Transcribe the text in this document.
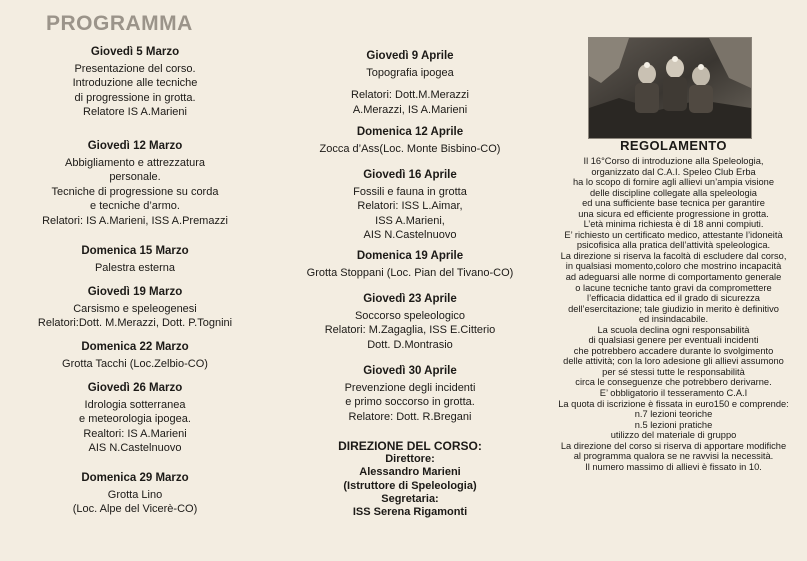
PROGRAMMA
Giovedì 5 Marzo
Presentazione del corso.
Introduzione alle tecniche
di progressione in grotta.
Relatore IS A.Marieni
Giovedì 12 Marzo
Abbigliamento e attrezzatura
personale.
Tecniche di progressione su corda
e tecniche d’armo.
Relatori: IS A.Marieni, ISS A.Premazzi
Domenica 15 Marzo
Palestra esterna
Giovedì 19 Marzo
Carsismo e speleogenesi
Relatori:Dott. M.Merazzi, Dott. P.Tognini
Domenica 22 Marzo
Grotta Tacchi (Loc.Zelbio-CO)
Giovedì 26 Marzo
Idrologia sotterranea
e meteorologia ipogea.
Realtori: IS A.Marieni
AIS N.Castelnuovo
Domenica 29 Marzo
Grotta Lino
(Loc. Alpe del Vicerè-CO)
Giovedì 9 Aprile
Topografia ipogea
Relatori: Dott.M.Merazzi
A.Merazzi, IS A.Marieni
Domenica 12 Aprile
Zocca d’Ass(Loc. Monte Bisbino-CO)
Giovedì 16 Aprile
Fossili e fauna in grotta
Relatori: ISS L.Aimar,
ISS A.Marieni,
AIS N.Castelnuovo
Domenica 19 Aprile
Grotta Stoppani (Loc. Pian del Tivano-CO)
Giovedì 23 Aprile
Soccorso speleologico
Relatori: M.Zagaglia, ISS E.Citterio
Dott. D.Montrasio
Giovedì 30 Aprile
Prevenzione degli incidenti
e primo soccorso in grotta.
Relatore: Dott. R.Bregani
DIREZIONE DEL CORSO:
Direttore:
Alessandro Marieni
(Istruttore di Speleologia)
Segretaria:
ISS Serena Rigamonti
REGOLAMENTO
Il 16°Corso di introduzione alla Speleologia,
organizzato dal C.A.I. Speleo Club Erba
ha lo scopo di fornire agli allievi un’ampia visione
delle discipline collegate alla speleologia
ed una sufficiente base tecnica per garantire
una sicura ed efficiente progressione in grotta.
L’età minima richiesta è di 18 anni compiuti.
E’ richiesto un certificato medico, attestante l’idoneità
psicofisica alla pratica dell’attività speleologica.
La direzione si riserva la facoltà di escludere dal corso,
in qualsiasi momento,coloro che mostrino incapacità
ad adeguarsi alle norme di comportamento generale
o lacune tecniche tanto gravi da compromettere
l’efficacia didattica ed il grado di sicurezza
dell’esercitazione; tale giudizio in merito è definitivo
ed insindacabile.
La scuola declina ogni responsabilità
di qualsiasi genere per eventuali incidenti
che potrebbero accadere durante lo svolgimento
delle attività; con la loro adesione gli allievi assumono
per sé stessi tutte le responsabilità
circa le conseguenze che potrebbero derivarne.
E’ obbligatorio il tesseramento C.A.I
La quota di iscrizione è fissata in euro150 e comprende:
n.7 lezioni teoriche
n.5 lezioni pratiche
utilizzo del materiale di gruppo
La direzione del corso si riserva di apportare modifiche
al programma qualora se ne ravvisi la necessità.
Il numero massimo di allievi è fissato in 10.
